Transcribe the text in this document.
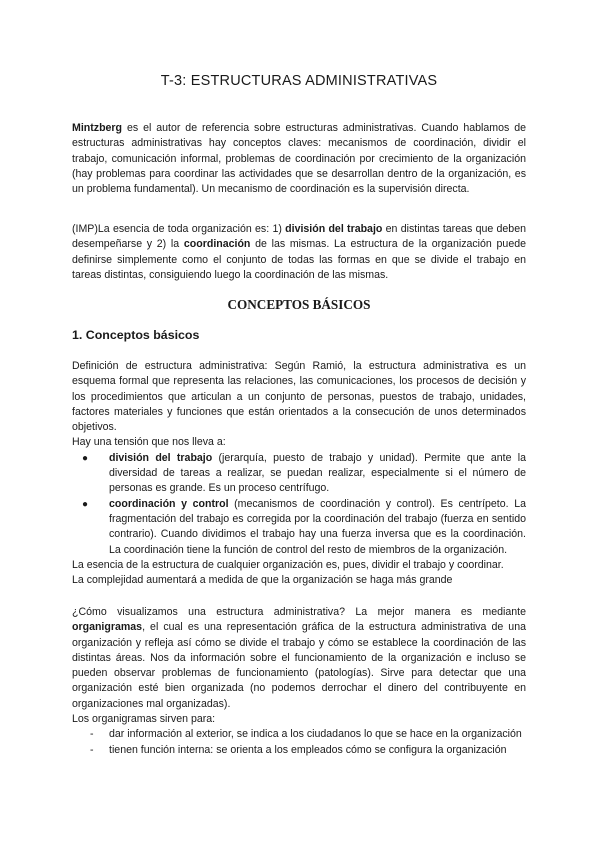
T-3: ESTRUCTURAS ADMINISTRATIVAS

Mintzberg es el autor de referencia sobre estructuras administrativas. Cuando hablamos de estructuras administrativas hay conceptos claves: mecanismos de coordinación, dividir el trabajo, comunicación informal, problemas de coordinación por crecimiento de la organización (hay problemas para coordinar las actividades que se desarrollan dentro de la organización, es un problema fundamental). Un mecanismo de coordinación es la supervisión directa.

(IMP)La esencia de toda organización es: 1) división del trabajo en distintas tareas que deben desempeñarse y 2) la coordinación de las mismas. La estructura de la organización puede definirse simplemente como el conjunto de todas las formas en que se divide el trabajo en tareas distintas, consiguiendo luego la coordinación de las mismas.

CONCEPTOS BÁSICOS
1. Conceptos básicos

Definición de estructura administrativa: Según Ramió, la estructura administrativa es un esquema formal que representa las relaciones, las comunicaciones, los procesos de decisión y los procedimientos que articulan a un conjunto de personas, puestos de trabajo, unidades, factores materiales y funciones que están orientados a la consecución de unos determinados objetivos.

Hay una tensión que nos lleva a:

● división del trabajo (jerarquía, puesto de trabajo y unidad). Permite que ante la diversidad de tareas a realizar, se puedan realizar, especialmente si el número de personas es grande. Es un proceso centrífugo.
● coordinación y control (mecanismos de coordinación y control). Es centrípeto. La fragmentación del trabajo es corregida por la coordinación del trabajo (fuerza en sentido contrario). Cuando dividimos el trabajo hay una fuerza inversa que es la coordinación. La coordinación tiene la función de control del resto de miembros de la organización.

La esencia de la estructura de cualquier organización es, pues, dividir el trabajo y coordinar.

La complejidad aumentará a medida de que la organización se haga más grande

¿Cómo visualizamos una estructura administrativa? La mejor manera es mediante organigramas, el cual es una representación gráfica de la estructura administrativa de una organización y refleja así cómo se divide el trabajo y cómo se establece la coordinación de las distintas áreas. Nos da información sobre el funcionamiento de la organización e incluso se pueden observar problemas de funcionamiento (patologías). Sirve para detectar que una organización esté bien organizada (no podemos derrochar el dinero del contribuyente en organizaciones mal organizadas).

Los organigramas sirven para:

- dar información al exterior, se indica a los ciudadanos lo que se hace en la organización
- tienen función interna: se orienta a los empleados cómo se configura la organización
